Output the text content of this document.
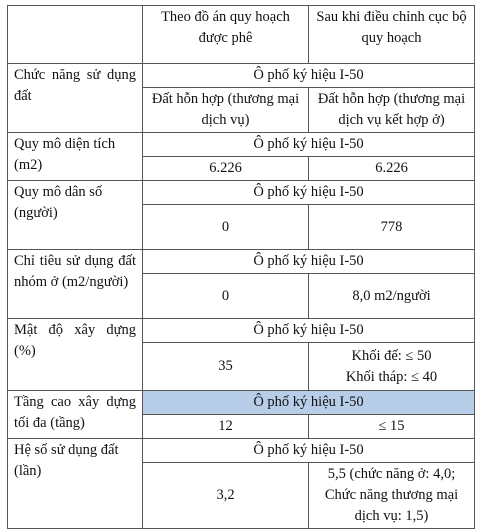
	Theo đồ án quy hoạch được phê	Sau khi điều chỉnh cục bộ quy hoạch
Chức năng sử dụng đất	Ô phố ký hiệu I-50	
	Đất hỗn hợp (thương mại dịch vụ)	Đất hỗn hợp (thương mại dịch vụ kết hợp ở)
Quy mô diện tích (m2)	Ô phố ký hiệu I-50	
	6.226	6.226
Quy mô dân số (người)	Ô phố ký hiệu I-50	
	0	778
Chỉ tiêu sử dụng đất nhóm ở (m2/người)	Ô phố ký hiệu I-50	
	0	8,0 m2/người
Mật độ xây dựng (%)	Ô phố ký hiệu I-50	
	35	Khối đế: ≤ 50
Khối tháp: ≤ 40

Tầng cao xây dựng tối đa (tầng)	Ô phố ký hiệu I-50	
	12	≤ 15
Hệ số sử dụng đất (lần)	Ô phố ký hiệu I-50	
	3,2	5,5 (chức năng ở: 4,0; Chức năng thương mại dịch vụ: 1,5)
